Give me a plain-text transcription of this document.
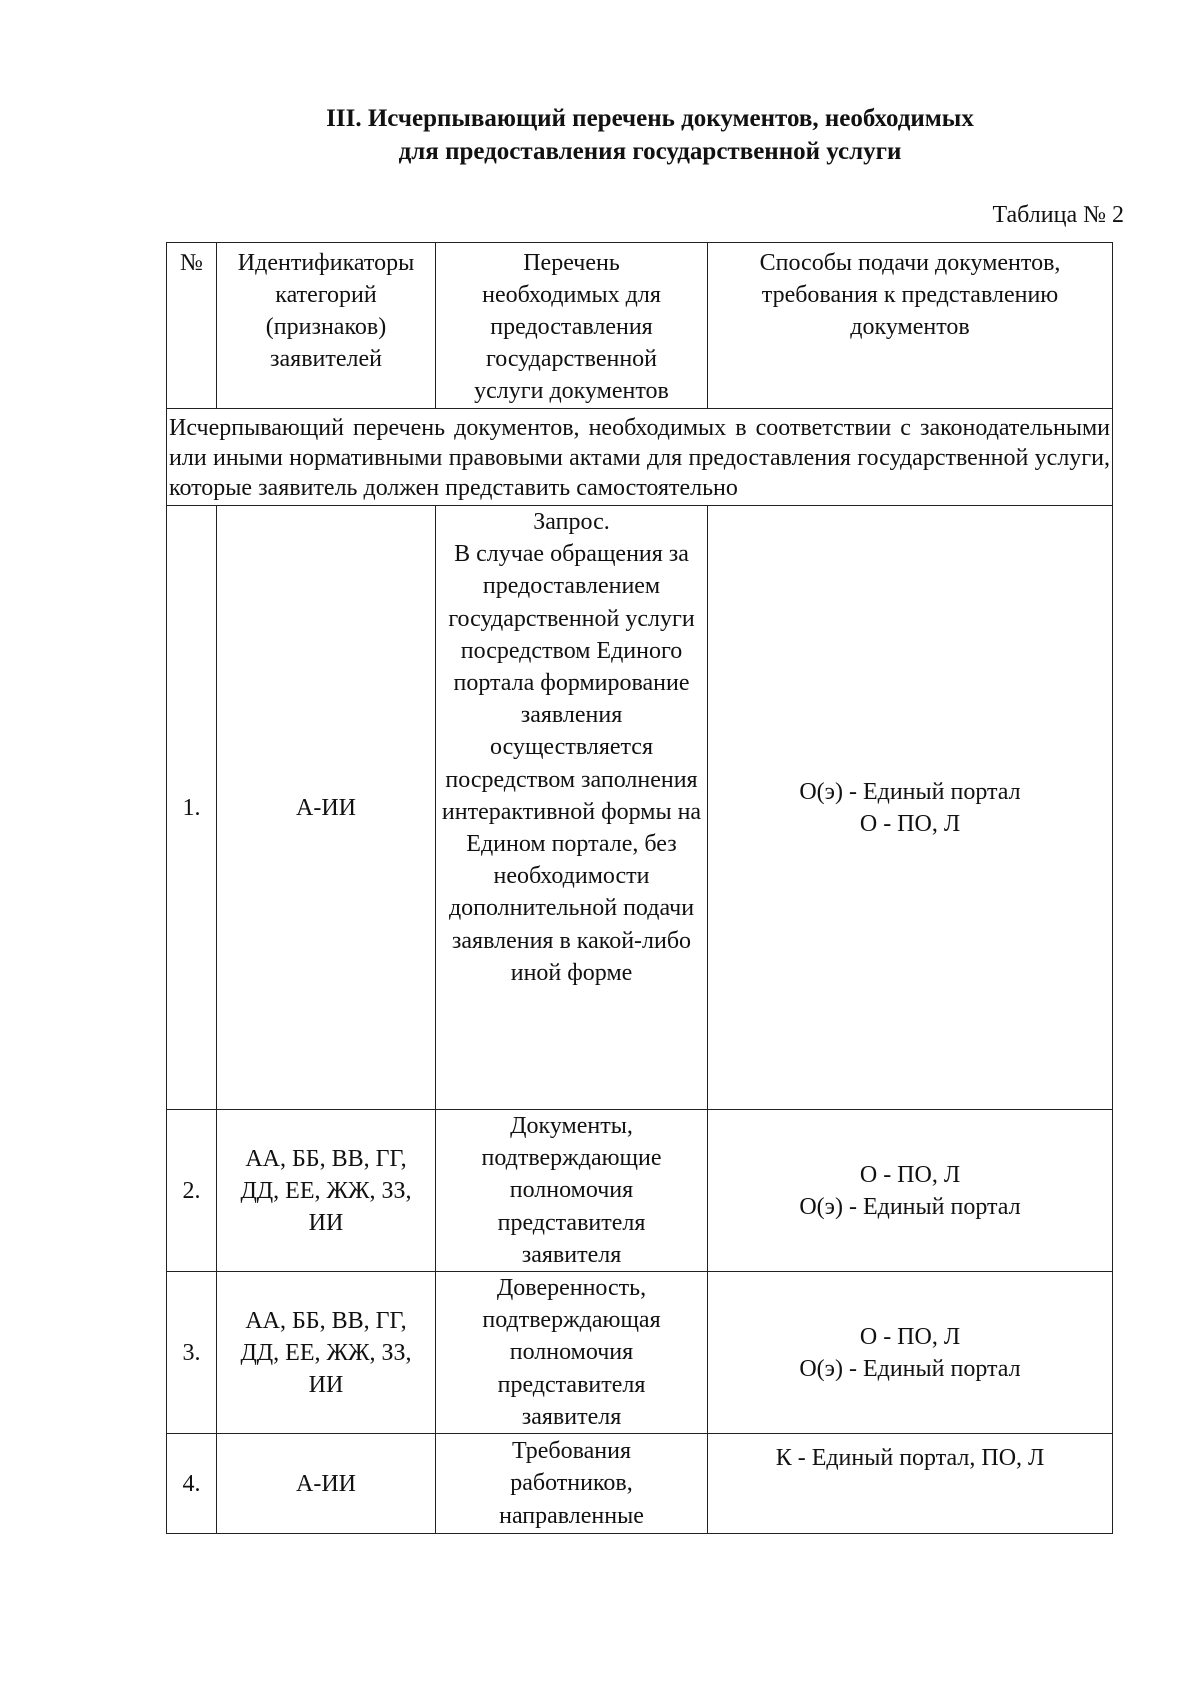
III. Исчерпывающий перечень документов, необходимых
для предоставления государственной услуги
Таблица № 2
№	Идентификаторы категорий (признаков) заявителей	Перечень необходимых для предоставления государственной услуги документов	Способы подачи документов, требования к представлению документов
Исчерпывающий перечень документов, необходимых в соответствии с законодательными или иными нормативными правовыми актами для предоставления государственной услуги, которые заявитель должен представить самостоятельно			
1.	А-ИИ	Запрос.
В случае обращения за предоставлением государственной услуги посредством Единого портала формирование заявления осуществляется посредством заполнения интерактивной формы на Едином портале, без необходимости дополнительной подачи заявления в какой-либо иной форме	О(э) - Единый портал
О - ПО, Л

2.	АА, ББ, ВВ, ГГ, ДД, ЕЕ, ЖЖ, ЗЗ, ИИ	Документы, подтверждающие полномочия представителя заявителя	О - ПО, Л
О(э) - Единый портал

3.	АА, ББ, ВВ, ГГ, ДД, ЕЕ, ЖЖ, ЗЗ, ИИ	Доверенность, подтверждающая полномочия представителя заявителя	О - ПО, Л
О(э) - Единый портал

4.	А-ИИ	Требования работников, направленные	К - Единый портал, ПО, Л
